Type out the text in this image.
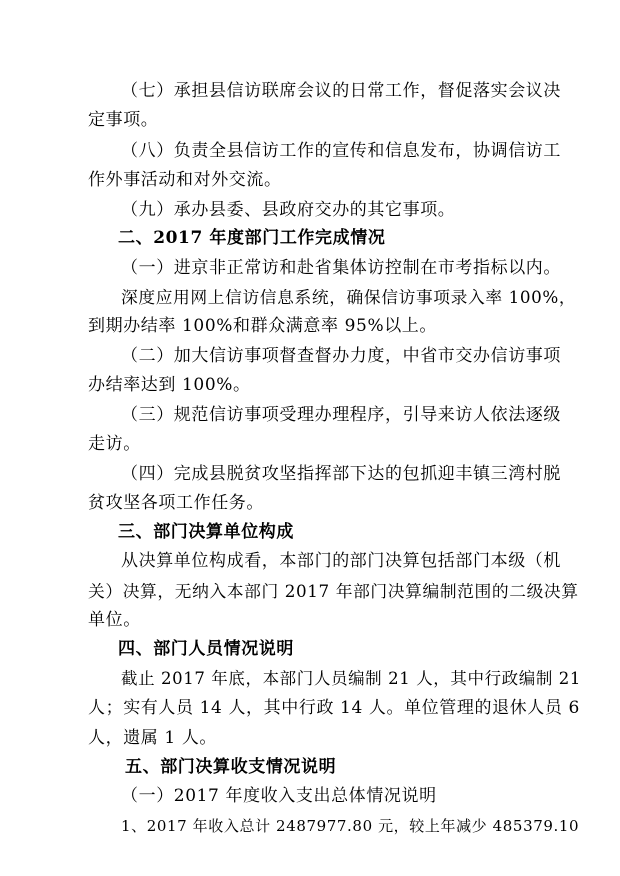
（七）承担县信访联席会议的日常工作，督促落实会议决
定事项。
（八）负责全县信访工作的宣传和信息发布，协调信访工
作外事活动和对外交流。
（九）承办县委、县政府交办的其它事项。
二、2017 年度部门工作完成情况
（一）进京非正常访和赴省集体访控制在市考指标以内。
深度应用网上信访信息系统，确保信访事项录入率 100%，
到期办结率 100%和群众满意率 95%以上。
（二）加大信访事项督查督办力度，中省市交办信访事项
办结率达到 100%。
（三）规范信访事项受理办理程序，引导来访人依法逐级
走访。
（四）完成县脱贫攻坚指挥部下达的包抓迎丰镇三湾村脱
贫攻坚各项工作任务。
三、部门决算单位构成
从决算单位构成看，本部门的部门决算包括部门本级（机
关）决算，无纳入本部门 2017 年部门决算编制范围的二级决算
单位。
四、部门人员情况说明
截止 2017 年底，本部门人员编制 21 人，其中行政编制 21
人；实有人员 14 人，其中行政 14 人。单位管理的退休人员 6
人，遗属 1 人。
五、部门决算收支情况说明
（一）2017 年度收入支出总体情况说明
1、2017 年收入总计 2487977.80 元，较上年减少 485379.10
